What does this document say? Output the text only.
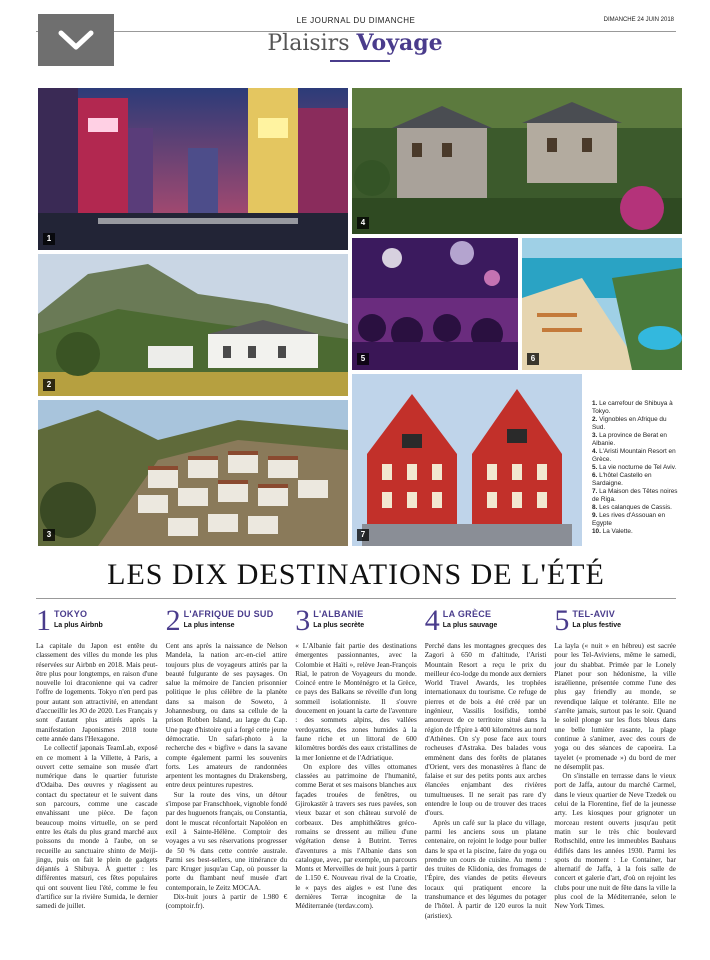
LE JOURNAL DU DIMANCHE	DIMANCHE 24 JUIN 2018
Plaisirs Voyage
1
4
2
5	6
3	7
1. Le carrefour de Shibuya à Tokyo.
2. Vignobles en Afrique du Sud.
3. La province de Berat en Albanie.
4. L'Aristi Mountain Resort en Grèce.
5. La vie nocturne de Tel Aviv.
6. L'hôtel Castello en Sardaigne.
7. La Maison des Têtes noires de Riga.
8. Les calanques de Cassis.
9. Les rives d'Assouan en Egypte
10. La Valette.
LES DIX DESTINATIONS DE L'ÉTÉ
1 TOKYO
La plus Airbnb

La capitale du Japon est entête du classement des villes du monde les plus réservées sur Airbnb en 2018. Mais peut-être plus pour longtemps, en raison d'une nouvelle loi draconienne qui va cadrer l'offre de logements. Tokyo n'en perd pas pour autant son attractivité, en attendant d'accueillir les JO de 2020. Les Français y sont d'autant plus attirés après la manifestation Japonismes 2018 toute cette année dans l'Hexagone.

Le collectif japonais TeamLab, exposé en ce moment à la Villette, à Paris, a ouvert cette semaine son musée d'art numérique dans le quartier futuriste d'Odaiba. Des œuvres y réagissent au contact du spectateur et le suivent dans son parcours, comme une cascade envahissant une pièce. De façon beaucoup moins virtuelle, on se perd entre les étals du plus grand marché aux poissons du monde à l'aube, on se recueille au sanctuaire shinto de Meiji-jingu, puis on fait le plein de gadgets déjantés à Shibuya. À guetter : les différentes matsuri, ces fêtes populaires qui ont souvent lieu l'été, comme le feu d'artifice sur la rivière Sumida, le dernier samedi de juillet.

2 L'AFRIQUE DU SUD
La plus intense

Cent ans après la naissance de Nelson Mandela, la nation arc-en-ciel attire toujours plus de voyageurs attirés par la beauté fulgurante de ses paysages. On salue la mémoire de l'ancien prisonnier politique le plus célèbre de la planète dans sa maison de Soweto, à Johannesburg, ou dans sa cellule de la prison Robben Island, au large du Cap. Une page d'histoire qui a forgé cette jeune démocratie. Un safari-photo à la recherche des « bigfive » dans la savane compte également parmi les souvenirs forts. Les amateurs de randonnées arpentent les montagnes du Drakensberg, entre deux peintures rupestres.

Sur la route des vins, un détour s'impose par Franschhoek, vignoble fondé par des huguenots français, ou Constantia, dont le muscat réconfortait Napoléon en exil à Sainte-Hélène. Comptoir des voyages a vu ses réservations progresser de 50 % dans cette contrée australe. Parmi ses best-sellers, une itinérance du parc Kruger jusqu'au Cap, où pousser la porte du flambant neuf musée d'art contemporain, le Zeitz MOCAA.

Dix-huit jours à partir de 1.980 € (comptoir.fr).

3 L'ALBANIE
La plus secrète

« L'Albanie fait partie des destinations émergentes passionnantes, avec la Colombie et Haïti », relève Jean-François Rial, le patron de Voyageurs du monde. Coincé entre le Monténégro et la Grèce, ce pays des Balkans se réveille d'un long sommeil isolationniste. Il s'ouvre doucement en jouant la carte de l'aventure : des sommets alpins, des vallées verdoyantes, des zones humides à la faune riche et un littoral de 600 kilomètres bordés des eaux cristallines de la mer Ionienne et de l'Adriatique.

On explore des villes ottomanes classées au patrimoine de l'humanité, comme Berat et ses maisons blanches aux façades trouées de fenêtres, ou Gjirokastër à travers ses rues pavées, son vieux bazar et son château survolé de corbeaux. Des amphithéâtres gréco-romains se dressent au milieu d'une végétation dense à Butrint. Terres d'aventures a mis l'Albanie dans son catalogue, avec, par exemple, un parcours Monts et Merveilles de huit jours à partir de 1.150 €. Nouveau rival de la Croatie, le « pays des aigles » est l'une des dernières Terræ incognitæ de la Méditerranée (terdav.com).

4 LA GRÈCE
La plus sauvage

Perché dans les montagnes grecques des Zagori à 650 m d'altitude, l'Aristi Mountain Resort a reçu le prix du meilleur éco-lodge du monde aux derniers World Travel Awards, les trophées internationaux du tourisme. Ce refuge de pierres et de bois a été créé par un ingénieur, Vassilis Iosifidis, tombé amoureux de ce territoire situé dans la région de l'Épire à 400 kilomètres au nord d'Athènes. On s'y pose face aux tours rocheuses d'Astraka. Des balades vous emmènent dans des forêts de platanes d'Orient, vers des monastères à flanc de falaise et sur des petits ponts aux arches élancées enjambant des rivières tumultueuses. Il ne serait pas rare d'y entendre le loup ou de trouver des traces d'ours.

Après un café sur la place du village, parmi les anciens sous un platane centenaire, on rejoint le lodge pour buller dans le spa et la piscine, faire du yoga ou prendre un cours de cuisine. Au menu : des truites de Klidonia, des fromages de l'Épire, des viandes de petits éleveurs locaux qui pratiquent encore la transhumance et des légumes du potager de l'hôtel. À partir de 120 euros la nuit (aristiex).

5 TEL-AVIV
La plus festive

La layla (« nuit » en hébreu) est sacrée pour les Tel-Aviviens, même le samedi, jour du shabbat. Primée par le Lonely Planet pour son hédonisme, la ville israélienne, présentée comme l'une des plus gay friendly au monde, se revendique laïque et tolérante. Elle ne s'arrête jamais, surtout pas le soir. Quand le soleil plonge sur les flots bleus dans une belle lumière rasante, la plage continue à s'animer, avec des cours de yoga ou des séances de capoeira. La tayelet (« promenade ») du bord de mer ne désemplit pas.

On s'installe en terrasse dans le vieux port de Jaffa, autour du marché Carmel, dans le vieux quartier de Neve Tzedek ou celui de la Florentine, fief de la jeunesse arty. Les kiosques pour grignoter un morceau restent ouverts jusqu'au petit matin sur le très chic boulevard Rothschild, entre les immeubles Bauhaus édifiés dans les années 1930. Parmi les spots du moment : Le Container, bar alternatif de Jaffa, à la fois salle de concert et galerie d'art, d'où on rejoint les clubs pour une nuit de fête dans la ville la plus cool de la Méditerranée, selon le New York Times.
